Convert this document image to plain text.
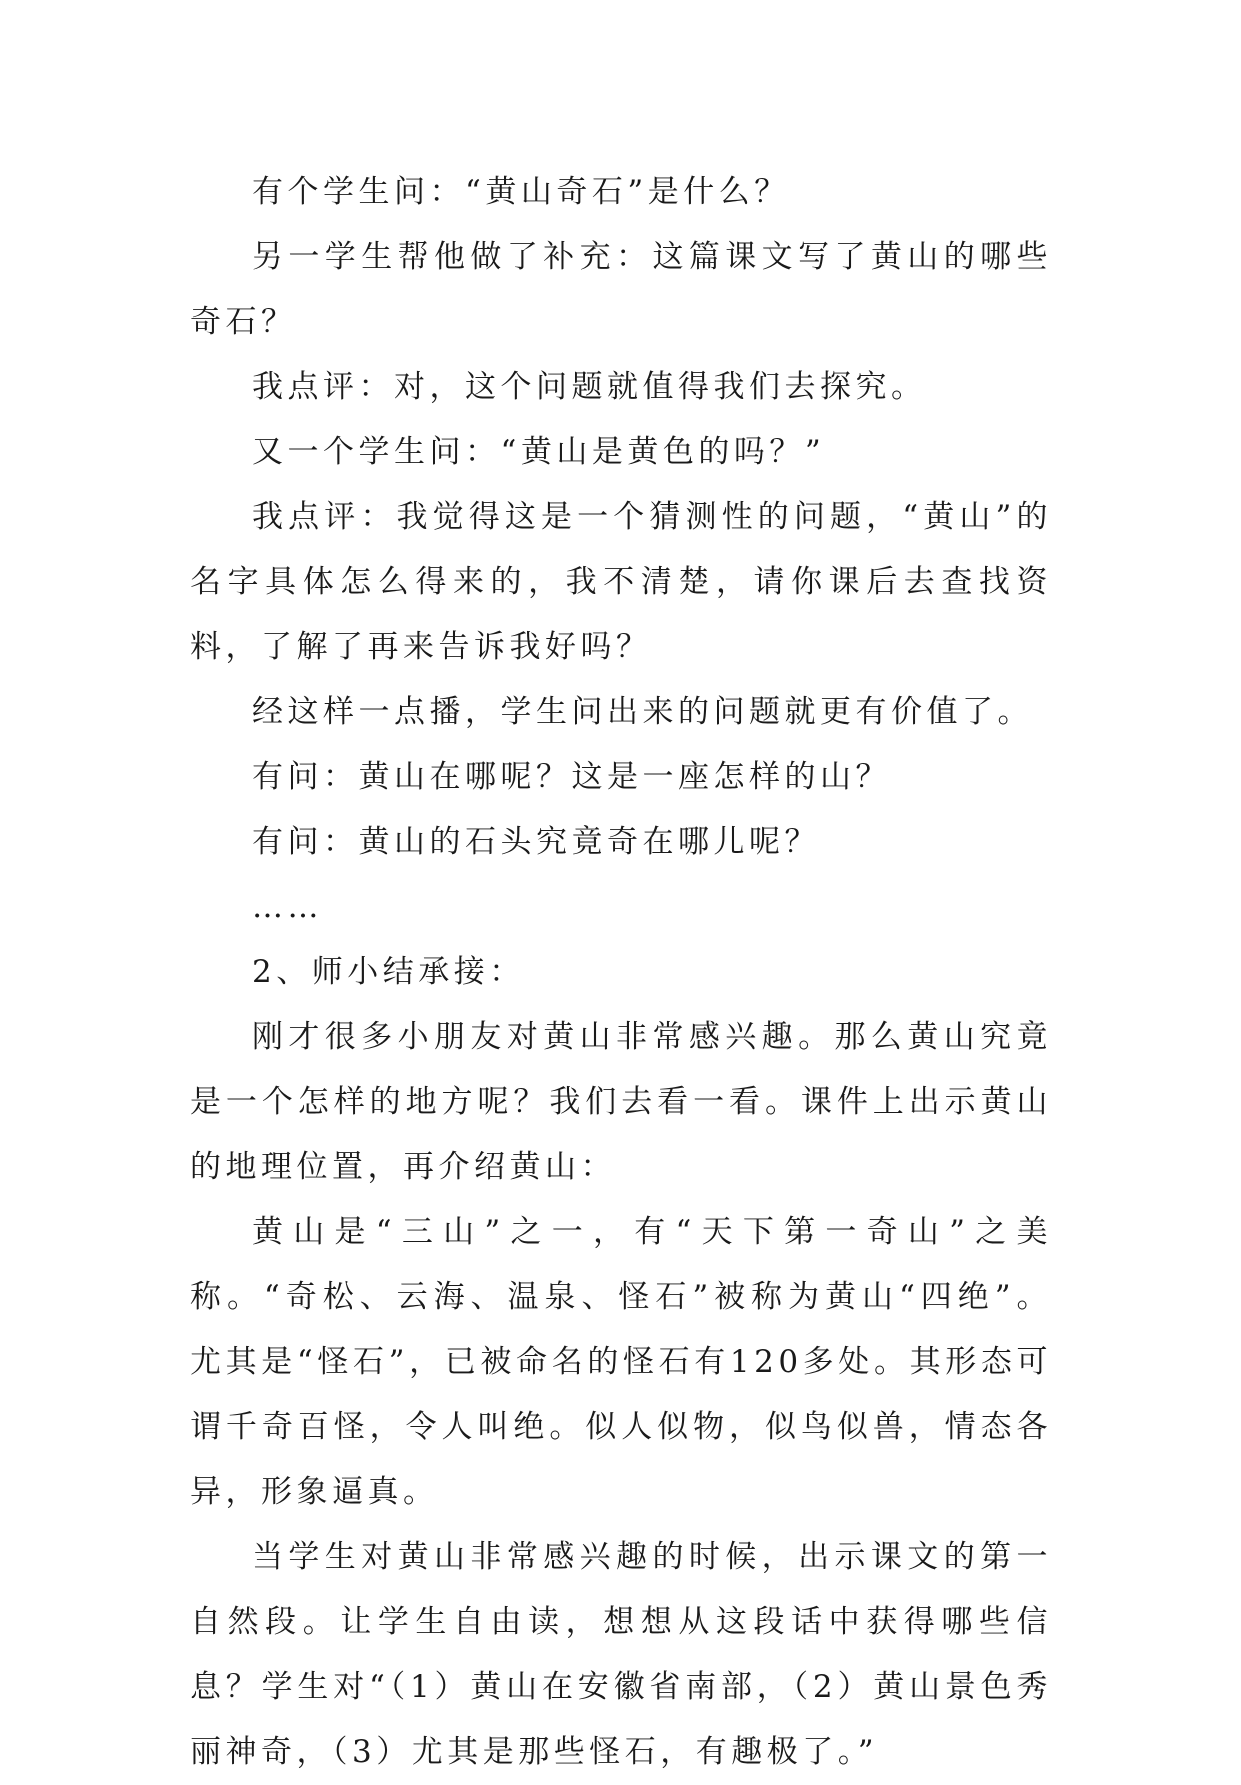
有个学生问：“黄山奇石”是什么？

另一学生帮他做了补充：这篇课文写了黄山的哪些奇石？

我点评：对，这个问题就值得我们去探究。

又一个学生问：“黄山是黄色的吗？”

我点评：我觉得这是一个猜测性的问题，“黄山”的名字具体怎么得来的，我不清楚，请你课后去查找资料，了解了再来告诉我好吗？

经这样一点播，学生问出来的问题就更有价值了。

有问：黄山在哪呢？这是一座怎样的山？

有问：黄山的石头究竟奇在哪儿呢？

……

2、师小结承接：

刚才很多小朋友对黄山非常感兴趣。那么黄山究竟是一个怎样的地方呢？我们去看一看。课件上出示黄山的地理位置，再介绍黄山：

黄山是“三山”之一，有“天下第一奇山”之美称。“奇松、云海、温泉、怪石”被称为黄山“四绝”。尤其是“怪石”，已被命名的怪石有120多处。其形态可谓千奇百怪，令人叫绝。似人似物，似鸟似兽，情态各异，形象逼真。

当学生对黄山非常感兴趣的时候，出示课文的第一自然段。让学生自由读，想想从这段话中获得哪些信息？学生对“（1）黄山在安徽省南部，（2）黄山景色秀丽神奇，（3）尤其是那些怪石，有趣极了。”
